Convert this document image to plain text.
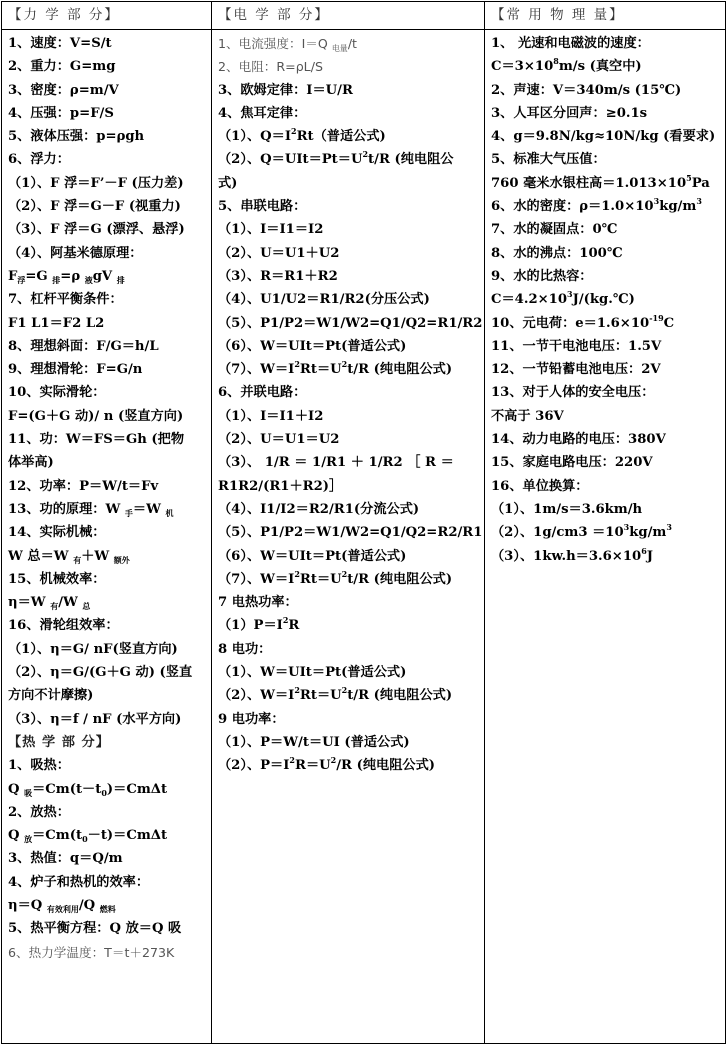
【力 学 部 分】
1、速度：V=S/t
2、重力：G=mg
3、密度：ρ=m/V
4、压强：p=F/S
5、液体压强：p=ρgh
6、浮力：
（1）、F 浮＝F’－F (压力差)
（2）、F 浮＝G－F (视重力)
（3）、F 浮＝G (漂浮、悬浮)
（4）、阿基米德原理：
$F_浮=G$ $_排$=ρ $_液$gV $_排$
7、杠杆平衡条件：
F1 L1＝F2 L2
8、理想斜面：F/G＝h/L
9、理想滑轮：F=G/n
10、实际滑轮：
F=(G＋G 动)/ n (竖直方向)
11、功：W＝FS＝Gh (把物
体举高)
12、功率：P＝W/t＝Fv
13、功的原理：W $_手$＝W $_机$
14、实际机械：
W 总＝W $_有$＋W $_{额外}$
15、机械效率：
η＝W $_有$/W $_总$
16、滑轮组效率：
（1）、η＝G/ nF(竖直方向)
（2）、η＝G/(G＋G 动) (竖直
方向不计摩擦)
（3）、η＝f / nF (水平方向)
【热 学 部 分】
1、吸热：
Q $_吸=Cm(t-t_0)=Cm\Delta t$
2、放热：
Q $_放=Cm(t_0-t)=Cm\Delta t$
3、热值：q＝Q/m
4、炉子和热机的效率：
η＝Q $_{有效利用}$/Q $_{燃料}$
5、热平衡方程：Q 放＝Q 吸
6、热力学温度：T＝t＋273K
【电 学 部 分】
1、电流强度：I＝Q $_{电量}$/t
2、电阻：R=ρL/S
3、欧姆定律：I＝U/R
4、焦耳定律：
（1）、$Q=I^2Rt$（普适公式)
（2）、$Q=UIt=Pt=U^2t/R$ (纯电阻公
式)
5、串联电路：
（1）、I＝I1＝I2
（2）、U＝U1＋U2
（3）、R＝R1＋R2
（4）、U1/U2＝R1/R2(分压公式)
（5）、P1/P2＝W1/W2=Q1/Q2=R1/R2
（6）、W＝UIt＝Pt(普适公式)
（7）、$W=I^2Rt=U^2t/R$ (纯电阻公式)
6、并联电路：
（1）、I＝I1＋I2
（2）、U＝U1＝U2
（3）、 1/R ＝ 1/R1 ＋ 1/R2 ［ R ＝
R1R2/(R1＋R2)］
（4）、I1/I2＝R2/R1(分流公式)
（5）、P1/P2＝W1/W2=Q1/Q2=R2/R1
（6）、W＝UIt＝Pt(普适公式)
（7）、$W=I^2Rt=U^2t/R$ (纯电阻公式)
7 电热功率：
$(1)P=I^2R$
8 电功：
（1）、W＝UIt＝Pt(普适公式)
（2）、$W=I^2Rt=U^2t/R$ (纯电阻公式)
9 电功率：
（1）、P＝W/t＝UI (普适公式)
（2）、$P=I^2R=U^2/R$ (纯电阻公式)
【常 用 物 理 量】
1、 光速和电磁波的速度：
$C=3\times 10^8m/s$ (真空中)
2、声速：V＝340m/s (15℃)
3、人耳区分回声：≥0.1s
4、g＝9.8N/kg≈10N/kg (看要求)
5、标准大气压值：
760 毫米水银柱高$=1.013\times 10^5Pa$
6、水的密度：$\rho=1.0\times 10^3kg/m^3$
7、水的凝固点：0℃
8、水的沸点：100℃
9、水的比热容：
$C=4.2\times 10^3J/(kg.℃)$
10、元电荷：$e=1.6\times 10^{-19}C$
11、一节干电池电压：1.5V
12、一节铅蓄电池电压：2V
13、对于人体的安全电压：
不高于 36V
14、动力电路的电压：380V
15、家庭电路电压：220V
16、单位换算：
（1）、1m/s＝3.6km/h
（2）、$1g/cm3 =10^3kg/m^3$
（3）、$1kw.h=3.6\times 10^6J$
